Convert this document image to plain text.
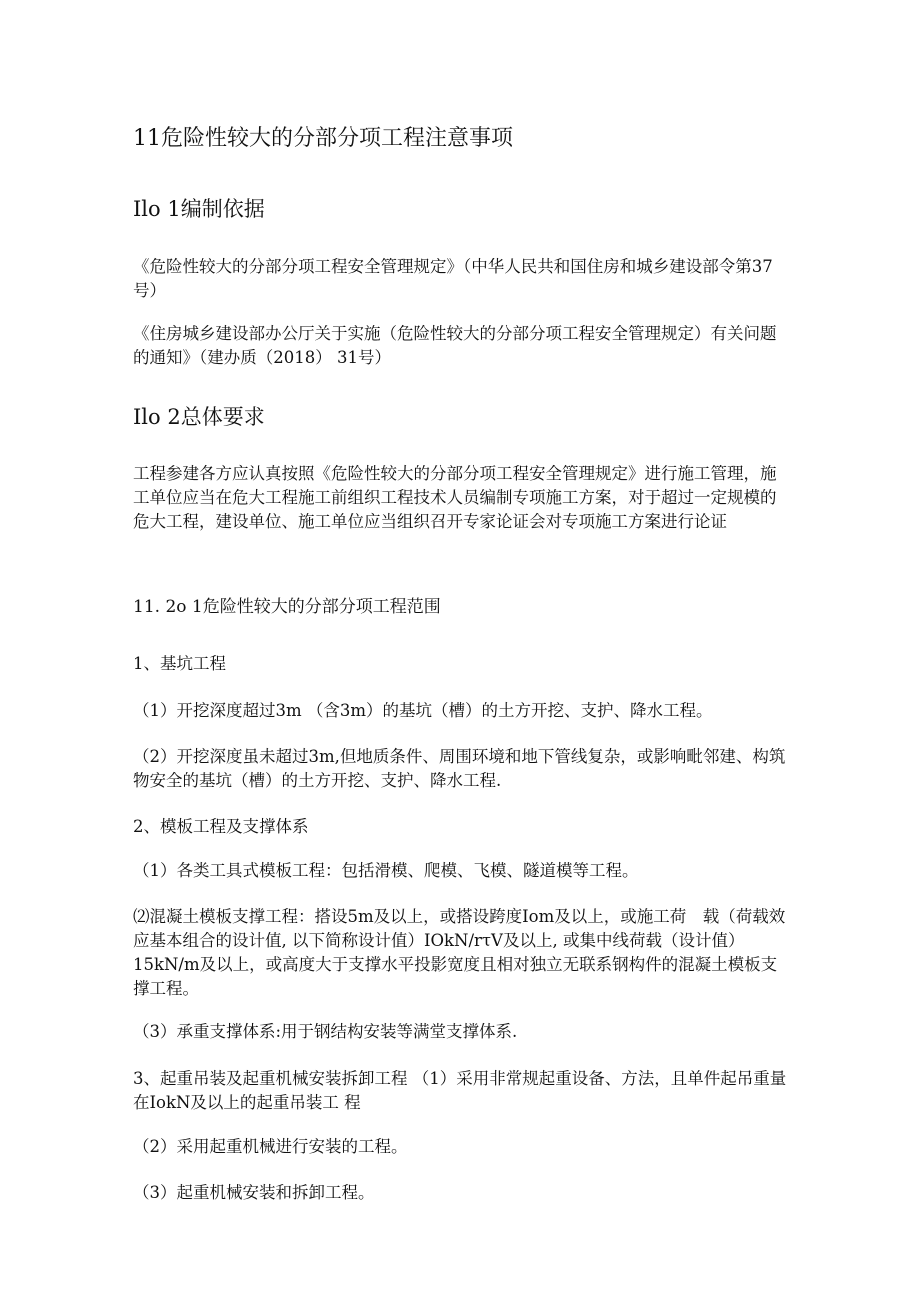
11危险性较大的分部分项工程注意事项
Ilo 1编制依据

《危险性较大的分部分项工程安全管理规定》（中华人民共和国住房和城乡建设部令第37号）

《住房城乡建设部办公厅关于实施（危险性较大的分部分项工程安全管理规定）有关问题的通知》（建办质（2018） 31号）

Ilo 2总体要求

工程参建各方应认真按照《危险性较大的分部分项工程安全管理规定》进行施工管理，施工单位应当在危大工程施工前组织工程技术人员编制专项施工方案，对于超过一定规模的危大工程，建设单位、施工单位应当组织召开专家论证会对专项施工方案进行论证

11. 2o 1危险性较大的分部分项工程范围

1、基坑工程

（1）开挖深度超过3m （含3m）的基坑（槽）的土方开挖、支护、降水工程。

（2）开挖深度虽未超过3m,但地质条件、周围环境和地下管线复杂，或影响毗邻建、构筑物安全的基坑（槽）的土方开挖、支护、降水工程.

2、模板工程及支撑体系

（1）各类工具式模板工程：包括滑模、爬模、飞模、隧道模等工程。

⑵混凝土模板支撑工程：搭设5m及以上，或搭设跨度Iom及以上，或施工荷　载（荷载效应基本组合的设计值, 以下简称设计值）IOkN/rτV及以上, 或集中线荷载（设计值）15kN/m及以上，或高度大于支撑水平投影宽度且相对独立无联系钢构件的混凝土模板支撑工程。

（3）承重支撑体系:用于钢结构安装等满堂支撑体系.

3、起重吊装及起重机械安装拆卸工程 （1）采用非常规起重设备、方法，且单件起吊重量在IokN及以上的起重吊装工 程

（2）采用起重机械进行安装的工程。

（3）起重机械安装和拆卸工程。
